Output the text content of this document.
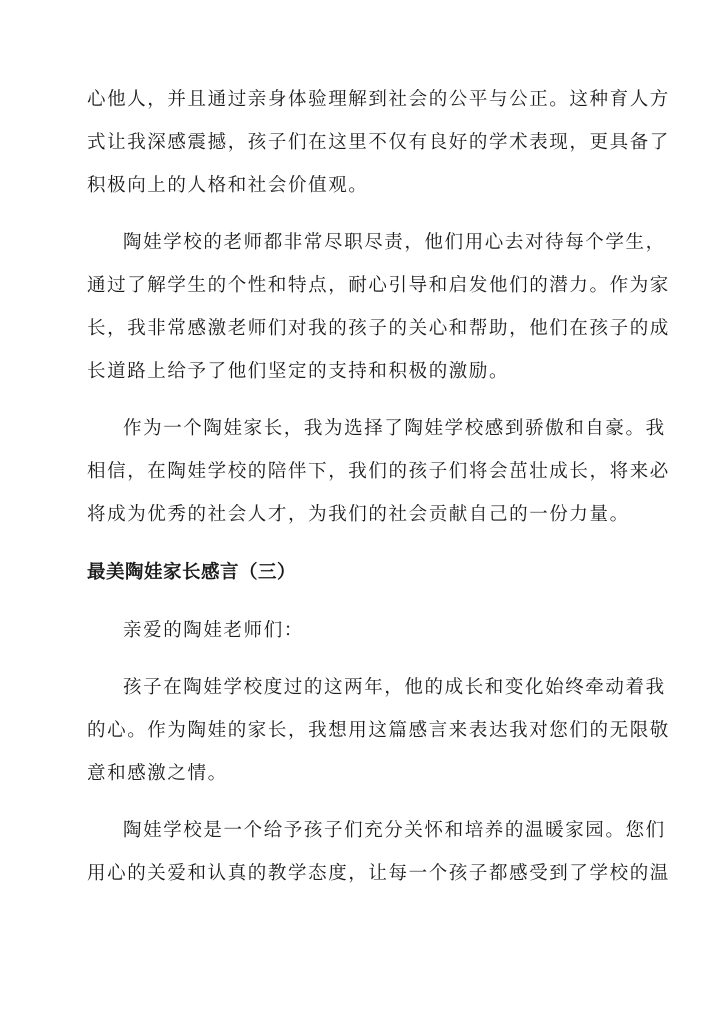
心他人，并且通过亲身体验理解到社会的公平与公正。这种育人方
式让我深感震撼，孩子们在这里不仅有良好的学术表现，更具备了
积极向上的人格和社会价值观。
陶娃学校的老师都非常尽职尽责，他们用心去对待每个学生，
通过了解学生的个性和特点，耐心引导和启发他们的潜力。作为家
长，我非常感激老师们对我的孩子的关心和帮助，他们在孩子的成
长道路上给予了他们坚定的支持和积极的激励。
作为一个陶娃家长，我为选择了陶娃学校感到骄傲和自豪。我
相信，在陶娃学校的陪伴下，我们的孩子们将会茁壮成长，将来必
将成为优秀的社会人才，为我们的社会贡献自己的一份力量。
最美陶娃家长感言（三）
亲爱的陶娃老师们：
孩子在陶娃学校度过的这两年，他的成长和变化始终牵动着我
的心。作为陶娃的家长，我想用这篇感言来表达我对您们的无限敬
意和感激之情。
陶娃学校是一个给予孩子们充分关怀和培养的温暖家园。您们
用心的关爱和认真的教学态度，让每一个孩子都感受到了学校的温
